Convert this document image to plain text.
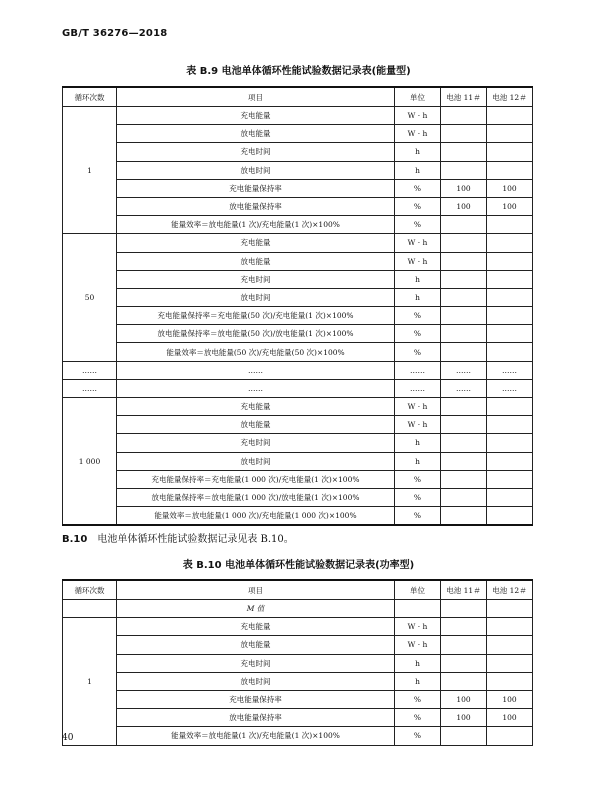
GB/T 36276—2018
表 B.9 电池单体循环性能试验数据记录表(能量型)
循环次数	项目	单位	电池 11＃	电池 12＃
1	充电能量	W · h		
	放电能量	W · h		
	充电时间	h		
	放电时间	h		
	充电能量保持率	%	100	100
	放电能量保持率	%	100	100
	能量效率＝放电能量(1 次)/充电能量(1 次)×100%	%		
50	充电能量	W · h		
	放电能量	W · h		
	充电时间	h		
	放电时间	h		
	充电能量保持率＝充电能量(50 次)/充电能量(1 次)×100%	%		
	放电能量保持率＝放电能量(50 次)/放电能量(1 次)×100%	%		
	能量效率＝放电能量(50 次)/充电能量(50 次)×100%	%		
……	……	……	……	……
……	……	……	……	……
1 000	充电能量	W · h		
	放电能量	W · h		
	充电时间	h		
	放电时间	h		
	充电能量保持率＝充电能量(1 000 次)/充电能量(1 次)×100%	%		
	放电能量保持率＝放电能量(1 000 次)/放电能量(1 次)×100%	%		
	能量效率＝放电能量(1 000 次)/充电能量(1 000 次)×100%	%		
B.10 电池单体循环性能试验数据记录见表 B.10。
表 B.10 电池单体循环性能试验数据记录表(功率型)
循环次数	项目	单位	电池 11＃	电池 12＃
	M 值			
1	充电能量	W · h		
	放电能量	W · h		
	充电时间	h		
	放电时间	h		
	充电能量保持率	%	100	100
	放电能量保持率	%	100	100
	能量效率＝放电能量(1 次)/充电能量(1 次)×100%	%		
40
